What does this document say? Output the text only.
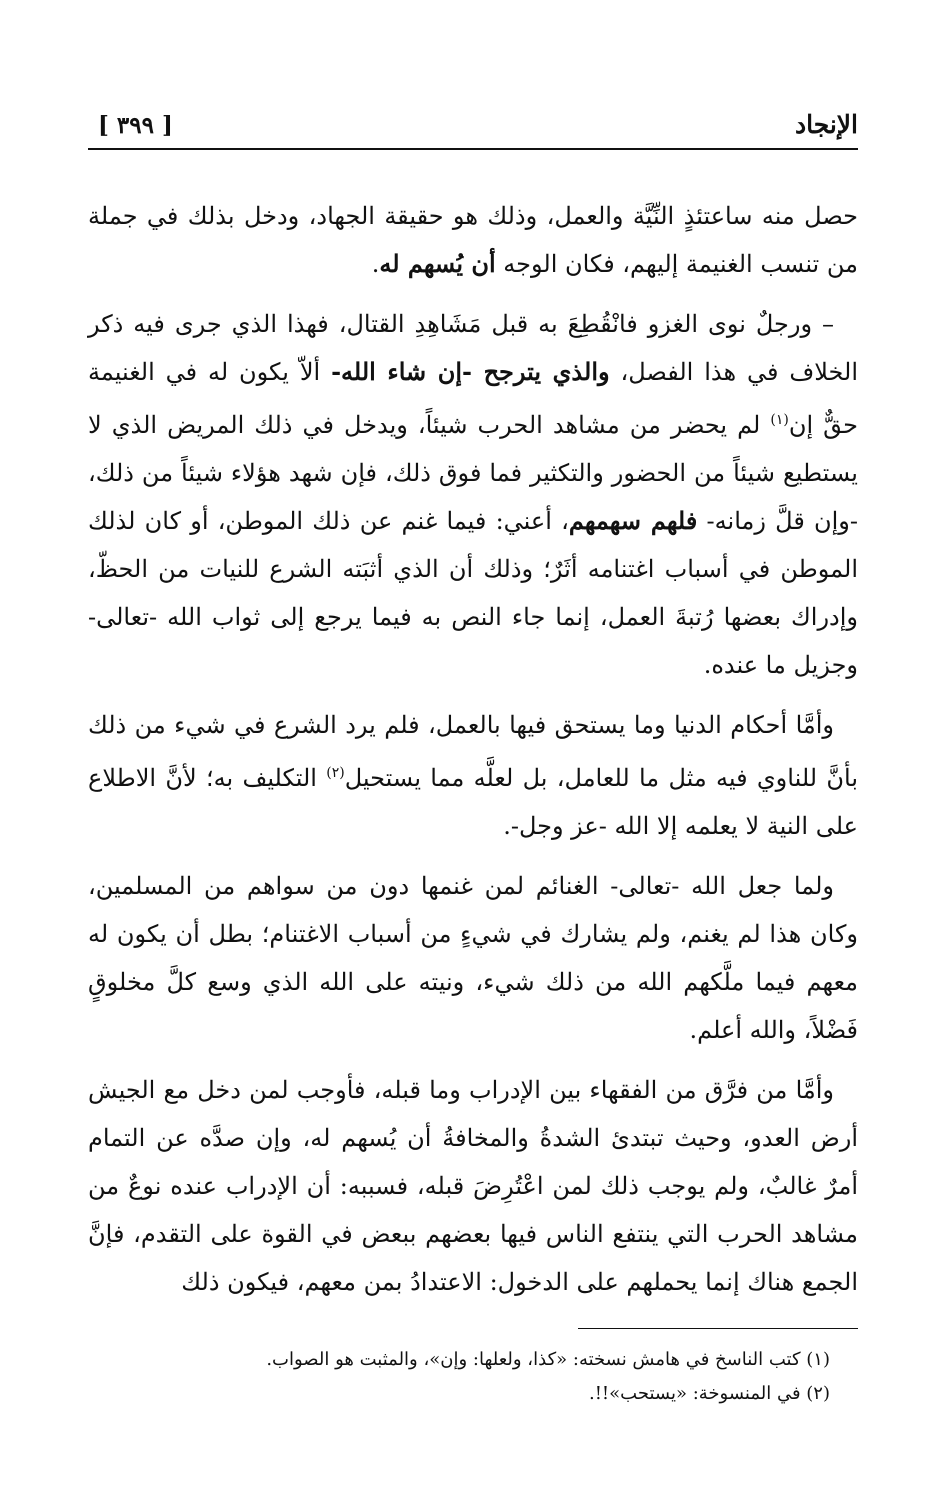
الإنجاد
[ ٣٩٩ ]

حصل منه ساعتئذٍ النِّيَّة والعمل، وذلك هو حقيقة الجهاد، ودخل بذلك في جملة من تنسب الغنيمة إليهم، فكان الوجه أن يُسهم له.

– ورجلٌ نوى الغزو فانْقُطِعَ به قبل مَشَاهِدِ القتال، فهذا الذي جرى فيه ذكر الخلاف في هذا الفصل، والذي يترجح -إن شاء الله- ألاّ يكون له في الغنيمة حقٌّ إن$^{(١)}$ لم يحضر من مشاهد الحرب شيئاً، ويدخل في ذلك المريض الذي لا يستطيع شيئاً من الحضور والتكثير فما فوق ذلك، فإن شهد هؤلاء شيئاً من ذلك، -وإن قلَّ زمانه- فلهم سهمهم، أعني: فيما غنم عن ذلك الموطن، أو كان لذلك الموطن في أسباب اغتنامه أثَرٌ؛ وذلك أن الذي أثبَته الشرع للنيات من الحظّ، وإدراك بعضها رُتبةَ العمل، إنما جاء النص به فيما يرجع إلى ثواب الله -تعالى- وجزيل ما عنده.

وأمَّا أحكام الدنيا وما يستحق فيها بالعمل، فلم يرد الشرع في شيء من ذلك بأنَّ للناوي فيه مثل ما للعامل، بل لعلَّه مما يستحيل$^{(٢)}$ التكليف به؛ لأنَّ الاطلاع على النية لا يعلمه إلا الله -عز وجل-.

ولما جعل الله -تعالى- الغنائم لمن غنمها دون من سواهم من المسلمين، وكان هذا لم يغنم، ولم يشارك في شيءٍ من أسباب الاغتنام؛ بطل أن يكون له معهم فيما ملَّكهم الله من ذلك شيء، ونيته على الله الذي وسع كلَّ مخلوقٍ فَضْلاً، والله أعلم.

وأمَّا من فرَّق من الفقهاء بين الإدراب وما قبله، فأوجب لمن دخل مع الجيش أرض العدو، وحيث تبتدئ الشدةُ والمخافةُ أن يُسهم له، وإن صدَّه عن التمام أمرٌ غالبٌ، ولم يوجب ذلك لمن اعْتُرِضَ قبله، فسببه: أن الإدراب عنده نوعٌ من مشاهد الحرب التي ينتفع الناس فيها بعضهم ببعض في القوة على التقدم، فإنَّ الجمع هناك إنما يحملهم على الدخول: الاعتدادُ بمن معهم، فيكون ذلك

(١) كتب الناسخ في هامش نسخته: «كذا، ولعلها: وإن»، والمثبت هو الصواب.

(٢) في المنسوخة: «يستحب»!!.
